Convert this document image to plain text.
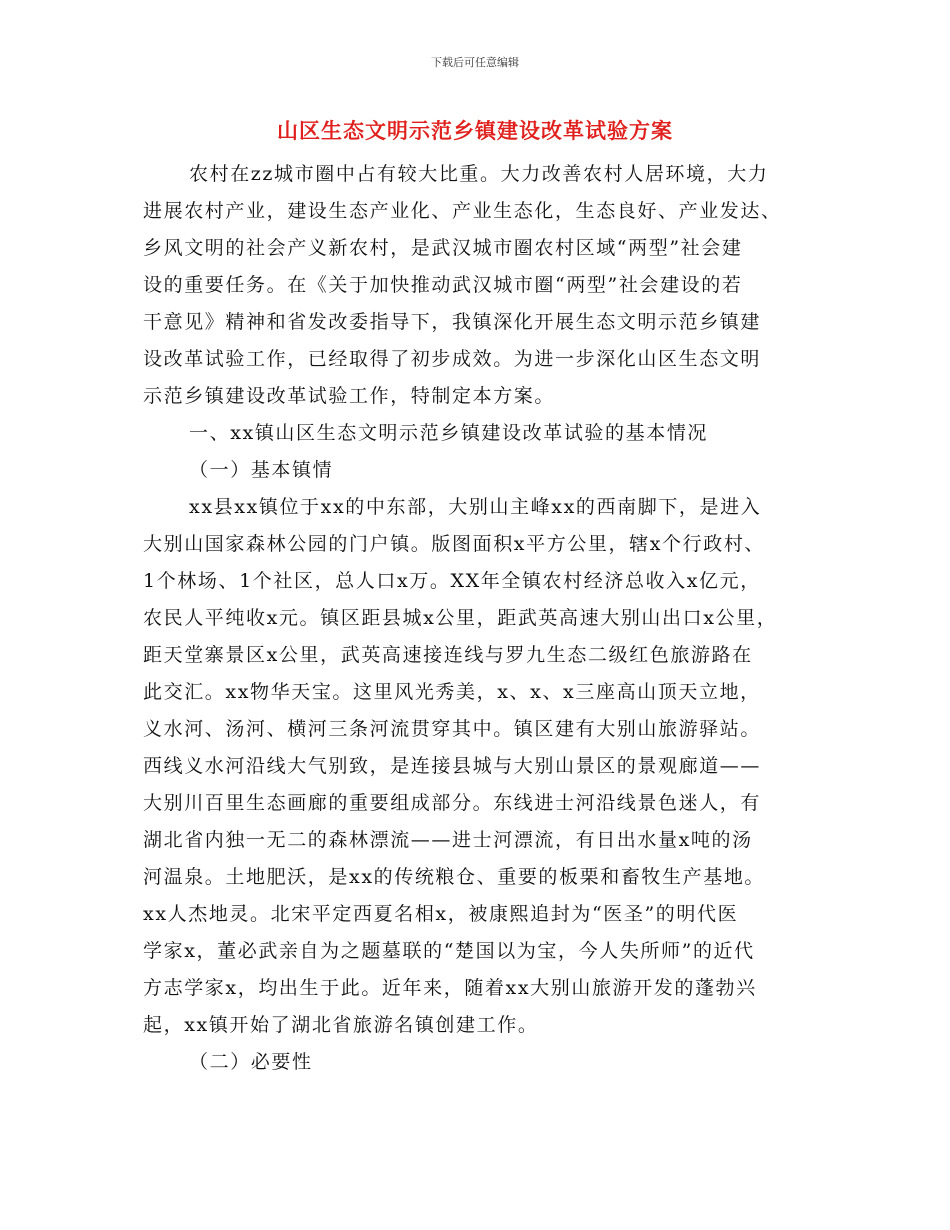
下载后可任意编辑
山区生态文明示范乡镇建设改革试验方案
农村在zz城市圈中占有较大比重。大力改善农村人居环境，大力
进展农村产业，建设生态产业化、产业生态化，生态良好、产业发达、
乡风文明的社会产义新农村，是武汉城市圈农村区域“两型”社会建
设的重要任务。在《关于加快推动武汉城市圈“两型”社会建设的若
干意见》精神和省发改委指导下，我镇深化开展生态文明示范乡镇建
设改革试验工作，已经取得了初步成效。为进一步深化山区生态文明
示范乡镇建设改革试验工作，特制定本方案。
一、xx镇山区生态文明示范乡镇建设改革试验的基本情况
（一）基本镇情
xx县xx镇位于xx的中东部，大别山主峰xx的西南脚下，是进入
大别山国家森林公园的门户镇。版图面积x平方公里，辖x个行政村、
1个林场、1个社区，总人口x万。XX年全镇农村经济总收入x亿元，
农民人平纯收x元。镇区距县城x公里，距武英高速大别山出口x公里，
距天堂寨景区x公里，武英高速接连线与罗九生态二级红色旅游路在
此交汇。xx物华天宝。这里风光秀美，x、x、x三座高山顶天立地，
义水河、汤河、横河三条河流贯穿其中。镇区建有大别山旅游驿站。
西线义水河沿线大气别致，是连接县城与大别山景区的景观廊道——
大别川百里生态画廊的重要组成部分。东线进士河沿线景色迷人，有
湖北省内独一无二的森林漂流——进士河漂流，有日出水量x吨的汤
河温泉。土地肥沃，是xx的传统粮仓、重要的板栗和畜牧生产基地。
xx人杰地灵。北宋平定西夏名相x，被康熙追封为“医圣”的明代医
学家x，董必武亲自为之题墓联的“楚国以为宝，今人失所师”的近代
方志学家x，均出生于此。近年来，随着xx大别山旅游开发的蓬勃兴
起，xx镇开始了湖北省旅游名镇创建工作。
（二）必要性
